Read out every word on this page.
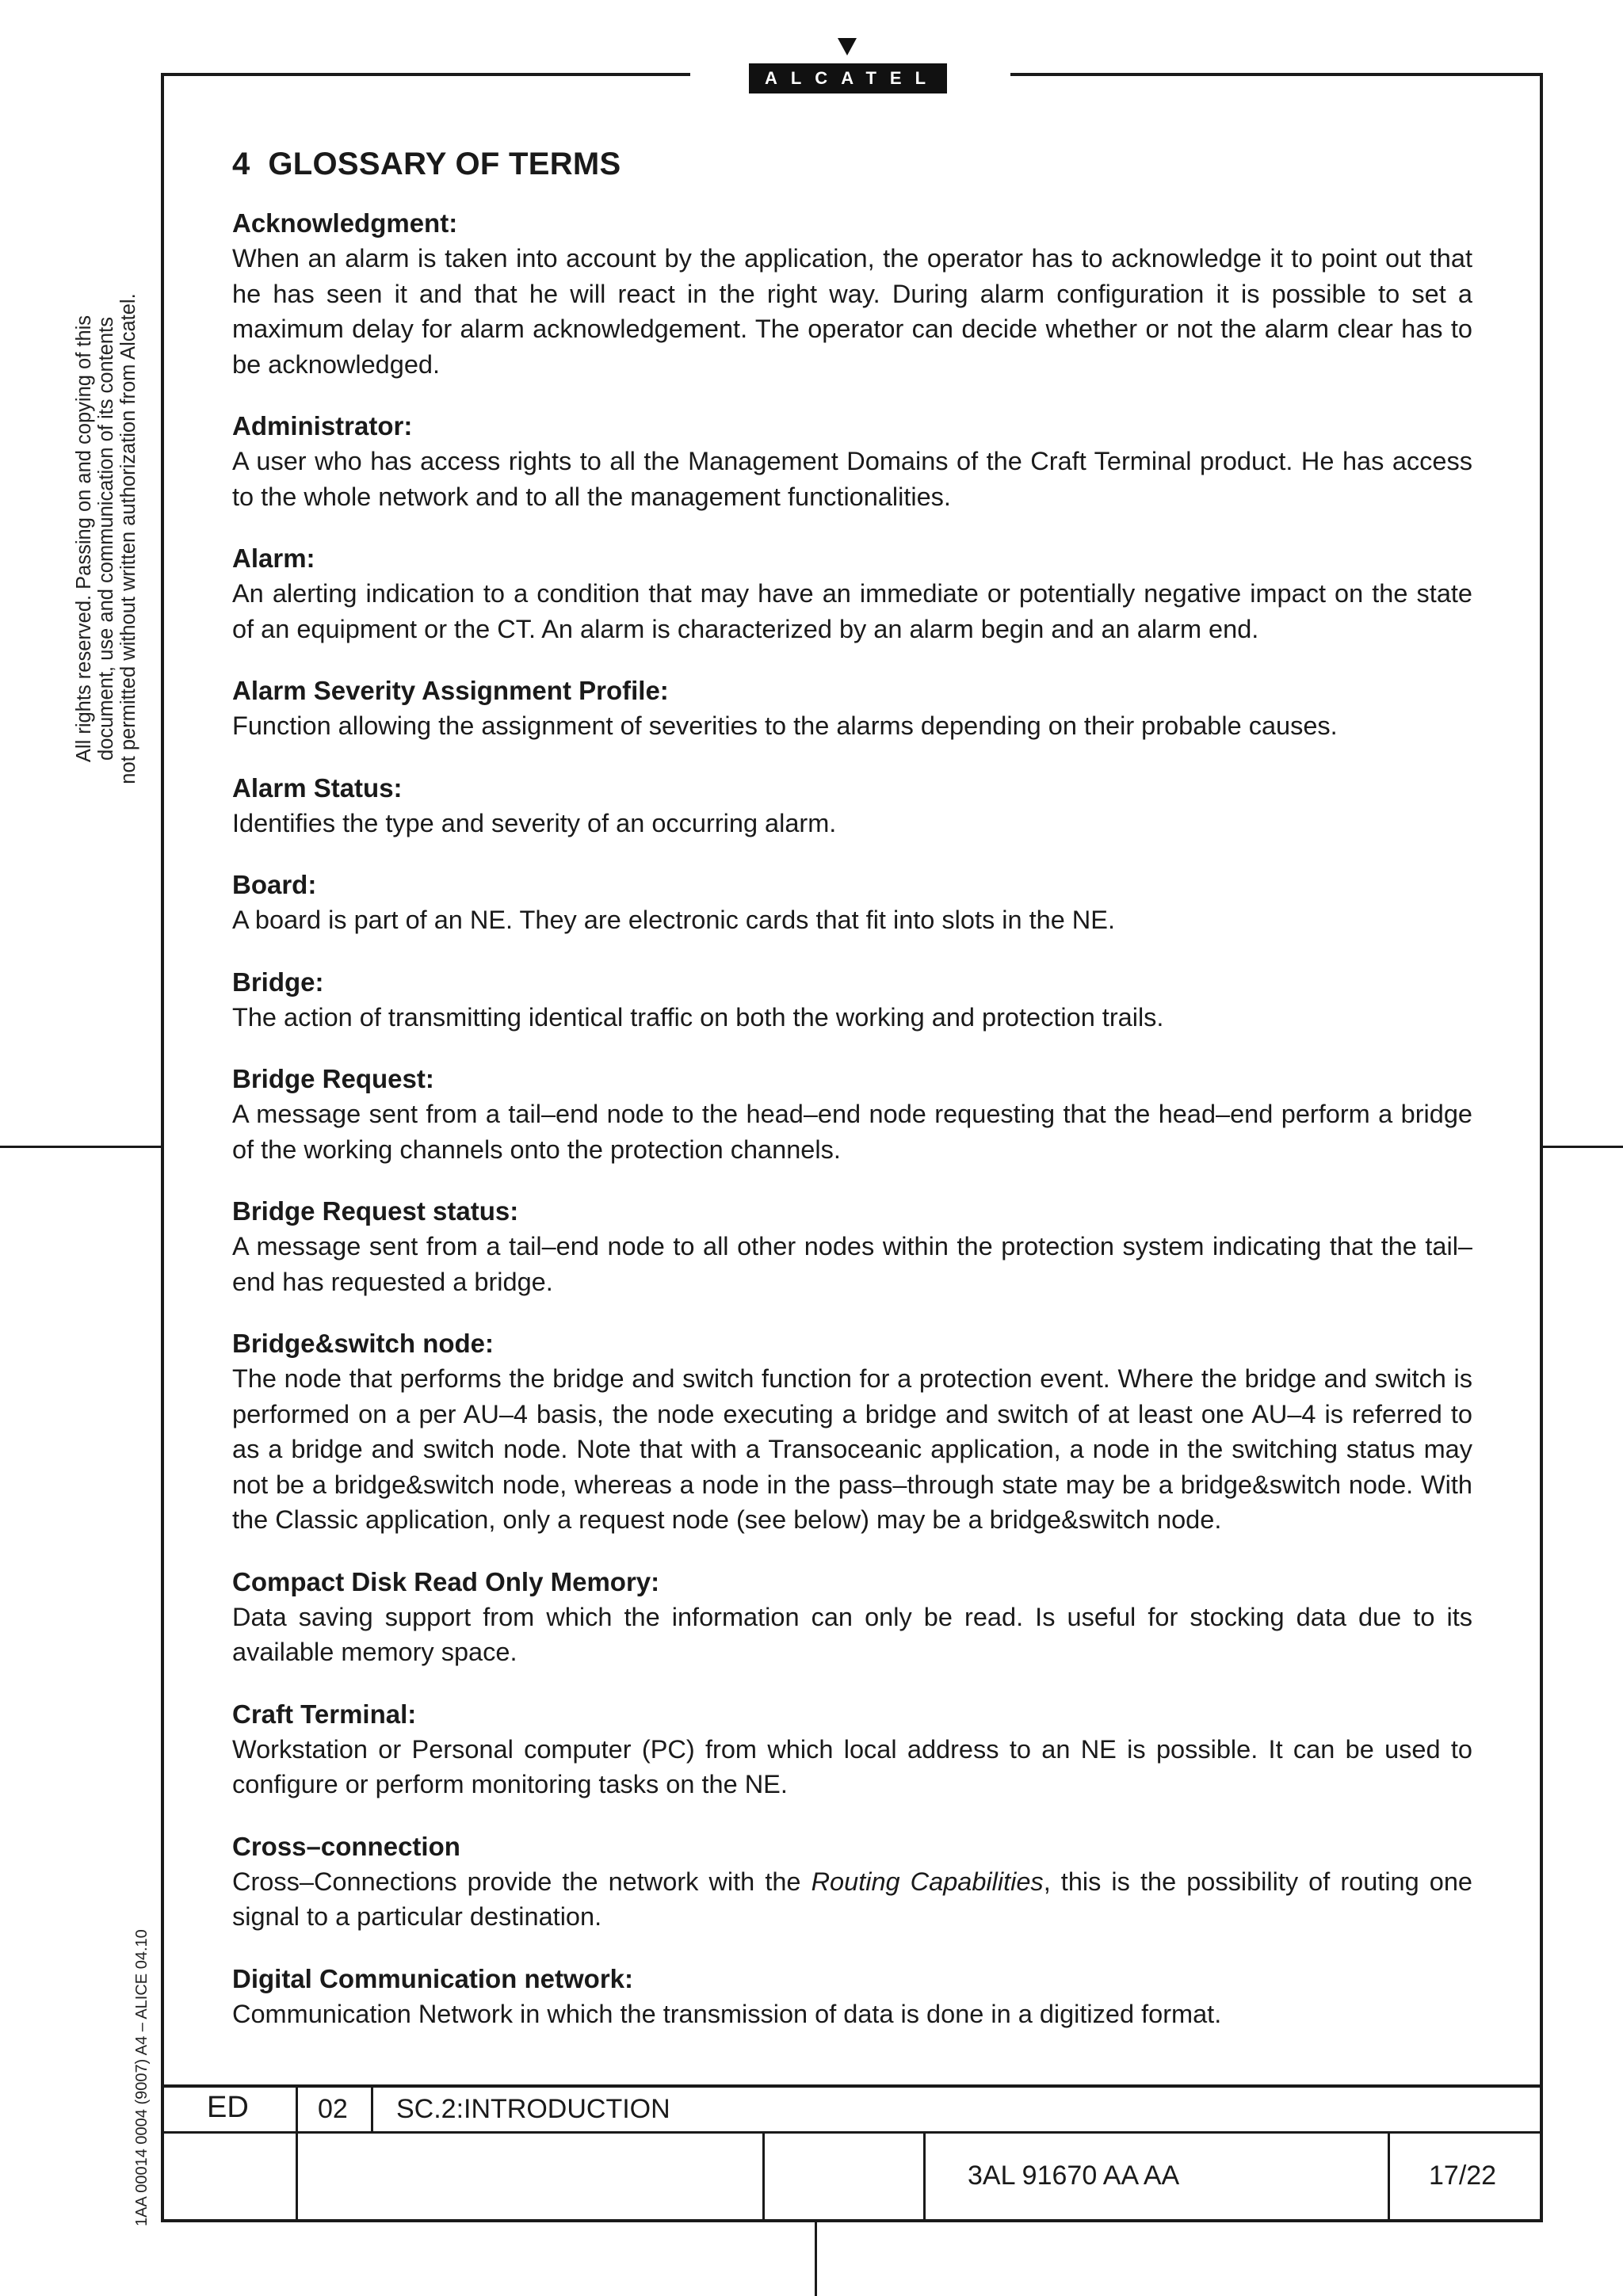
ALCATEL
All rights reserved. Passing on and copying of this document, use and communication of its contents not permitted without written authorization from Alcatel.
1AA 00014 0004 (9007) A4 – ALICE 04.10
4 GLOSSARY OF TERMS
Acknowledgment:
When an alarm is taken into account by the application, the operator has to acknowledge it to point out that he has seen it and that he will react in the right way. During alarm configuration it is possible to set a maximum delay for alarm acknowledgement. The operator can decide whether or not the alarm clear has to be acknowledged.
Administrator:
A user who has access rights to all the Management Domains of the Craft Terminal product. He has access to the whole network and to all the management functionalities.
Alarm:
An alerting indication to a condition that may have an immediate or potentially negative impact on the state of an equipment or the CT. An alarm is characterized by an alarm begin and an alarm end.
Alarm Severity Assignment Profile:
Function allowing the assignment of severities to the alarms depending on their probable causes.
Alarm Status:
Identifies the type and severity of an occurring alarm.
Board:
A board is part of an NE. They are electronic cards that fit into slots in the NE.
Bridge:
The action of transmitting identical traffic on both the working and protection trails.
Bridge Request:
A message sent from a tail–end node to the head–end node requesting that the head–end perform a bridge of the working channels onto the protection channels.
Bridge Request status:
A message sent from a tail–end node to all other nodes within the protection system indicating that the tail–end has requested a bridge.
Bridge&switch node:
The node that performs the bridge and switch function for a protection event. Where the bridge and switch is performed on a per AU–4 basis, the node executing a bridge and switch of at least one AU–4 is referred to as a bridge and switch node. Note that with a Transoceanic application, a node in the switching status may not be a bridge&switch node, whereas a node in the pass–through state may be a bridge&switch node. With the Classic application, only a request node (see below) may be a bridge&switch node.
Compact Disk Read Only Memory:
Data saving support from which the information can only be read. Is useful for stocking data due to its available memory space.
Craft Terminal:
Workstation or Personal computer (PC) from which local address to an NE is possible. It can be used to configure or perform monitoring tasks on the NE.
Cross–connection
Cross–Connections provide the network with the Routing Capabilities, this is the possibility of routing one signal to a particular destination.
Digital Communication network:
Communication Network in which the transmission of data is done in a digitized format.
ED	02 SC.2:INTRODUCTION
3AL 91670 AA AA	17/22
